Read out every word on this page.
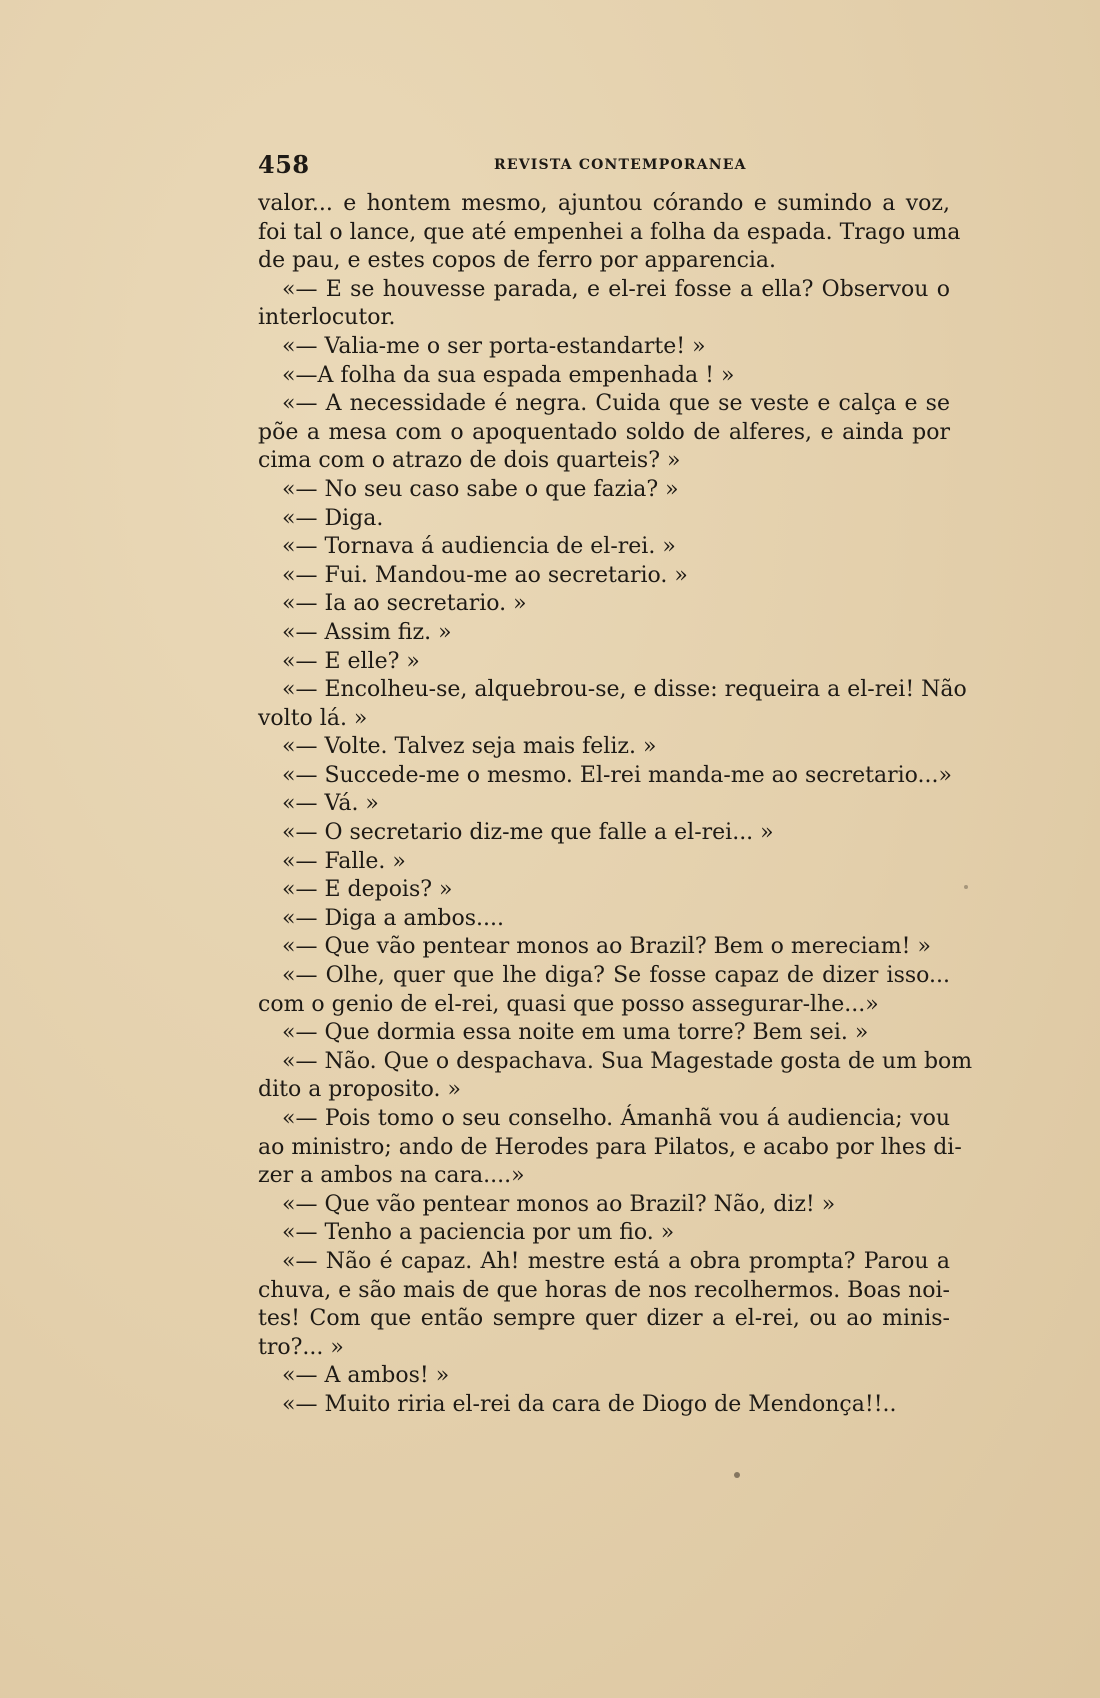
458	REVISTA CONTEMPORANEA
valor... e hontem mesmo, ajuntou córando e sumindo a voz,
foi tal o lance, que até empenhei a folha da espada. Trago uma
de pau, e estes copos de ferro por apparencia.
«— E se houvesse parada, e el-rei fosse a ella? Observou o
interlocutor.
«— Valia-me o ser porta-estandarte! »
«—A folha da sua espada empenhada ! »
«— A necessidade é negra. Cuida que se veste e calça e se
põe a mesa com o apoquentado soldo de alferes, e ainda por
cima com o atrazo de dois quarteis? »
«— No seu caso sabe o que fazia? »
«— Diga.
«— Tornava á audiencia de el-rei. »
«— Fui. Mandou-me ao secretario. »
«— Ia ao secretario. »
«— Assim fiz. »
«— E elle? »
«— Encolheu-se, alquebrou-se, e disse: requeira a el-rei! Não
volto lá. »
«— Volte. Talvez seja mais feliz. »
«— Succede-me o mesmo. El-rei manda-me ao secretario...»
«— Vá. »
«— O secretario diz-me que falle a el-rei... »
«— Falle. »
«— E depois? »
«— Diga a ambos....
«— Que vão pentear monos ao Brazil? Bem o mereciam! »
«— Olhe, quer que lhe diga? Se fosse capaz de dizer isso...
com o genio de el-rei, quasi que posso assegurar-lhe...»
«— Que dormia essa noite em uma torre? Bem sei. »
«— Não. Que o despachava. Sua Magestade gosta de um bom
dito a proposito. »
«— Pois tomo o seu conselho. Ámanhã vou á audiencia; vou
ao ministro; ando de Herodes para Pilatos, e acabo por lhes di-
zer a ambos na cara....»
«— Que vão pentear monos ao Brazil? Não, diz! »
«— Tenho a paciencia por um fio. »
«— Não é capaz. Ah! mestre está a obra prompta? Parou a
chuva, e são mais de que horas de nos recolhermos. Boas noi-
tes! Com que então sempre quer dizer a el-rei, ou ao minis-
tro?... »
«— A ambos! »
«— Muito riria el-rei da cara de Diogo de Mendonça!!..
